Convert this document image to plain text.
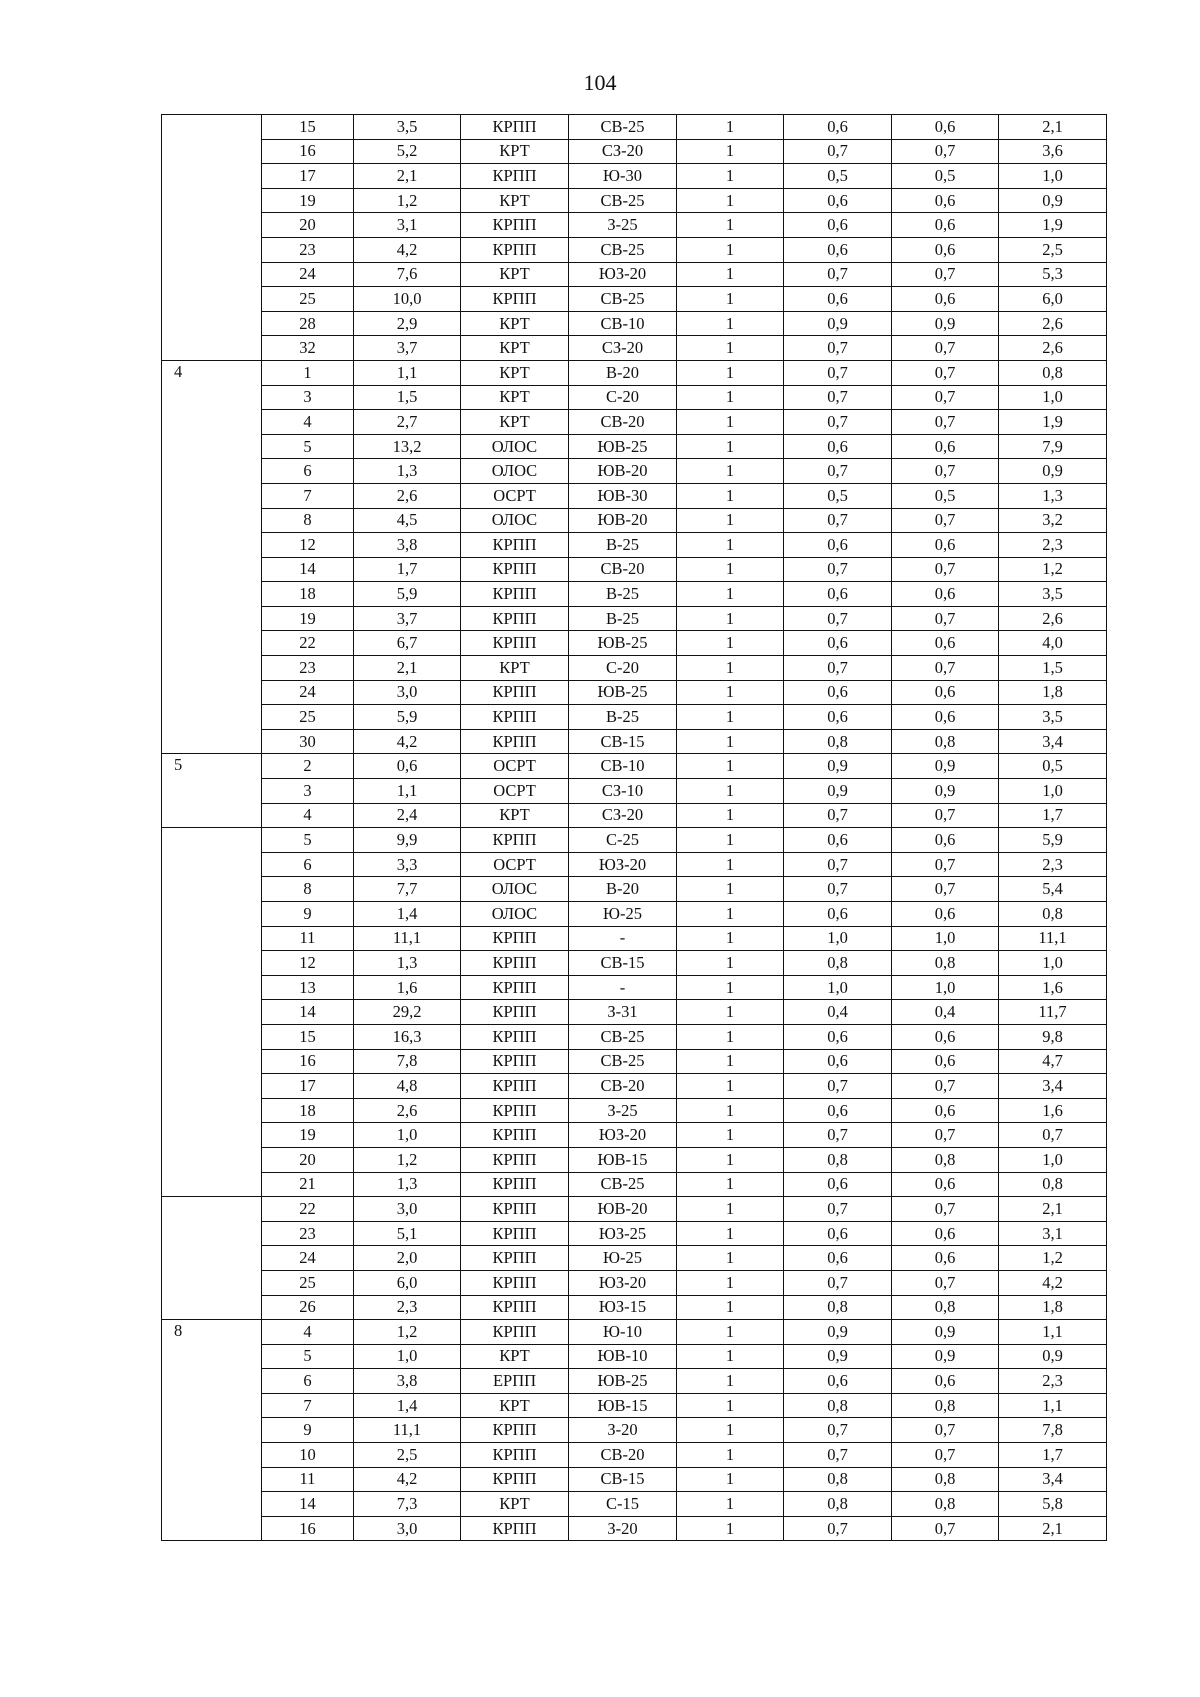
104
	15	3,5	КРПП	СВ-25	1	0,6	0,6	2,1
	16	5,2	КРТ	СЗ-20	1	0,7	0,7	3,6
	17	2,1	КРПП	Ю-30	1	0,5	0,5	1,0
	19	1,2	КРТ	СВ-25	1	0,6	0,6	0,9
	20	3,1	КРПП	З-25	1	0,6	0,6	1,9
	23	4,2	КРПП	СВ-25	1	0,6	0,6	2,5
	24	7,6	КРТ	ЮЗ-20	1	0,7	0,7	5,3
	25	10,0	КРПП	СВ-25	1	0,6	0,6	6,0
	28	2,9	КРТ	СВ-10	1	0,9	0,9	2,6
	32	3,7	КРТ	СЗ-20	1	0,7	0,7	2,6
4	1	1,1	КРТ	В-20	1	0,7	0,7	0,8
	3	1,5	КРТ	С-20	1	0,7	0,7	1,0
	4	2,7	КРТ	СВ-20	1	0,7	0,7	1,9
	5	13,2	ОЛОС	ЮВ-25	1	0,6	0,6	7,9
	6	1,3	ОЛОС	ЮВ-20	1	0,7	0,7	0,9
	7	2,6	ОСРТ	ЮВ-30	1	0,5	0,5	1,3
	8	4,5	ОЛОС	ЮВ-20	1	0,7	0,7	3,2
	12	3,8	КРПП	В-25	1	0,6	0,6	2,3
	14	1,7	КРПП	СВ-20	1	0,7	0,7	1,2
	18	5,9	КРПП	В-25	1	0,6	0,6	3,5
	19	3,7	КРПП	В-25	1	0,7	0,7	2,6
	22	6,7	КРПП	ЮВ-25	1	0,6	0,6	4,0
	23	2,1	КРТ	С-20	1	0,7	0,7	1,5
	24	3,0	КРПП	ЮВ-25	1	0,6	0,6	1,8
	25	5,9	КРПП	В-25	1	0,6	0,6	3,5
	30	4,2	КРПП	СВ-15	1	0,8	0,8	3,4
5	2	0,6	ОСРТ	СВ-10	1	0,9	0,9	0,5
	3	1,1	ОСРТ	СЗ-10	1	0,9	0,9	1,0
	4	2,4	КРТ	СЗ-20	1	0,7	0,7	1,7
	5	9,9	КРПП	С-25	1	0,6	0,6	5,9
	6	3,3	ОСРТ	ЮЗ-20	1	0,7	0,7	2,3
	8	7,7	ОЛОС	В-20	1	0,7	0,7	5,4
	9	1,4	ОЛОС	Ю-25	1	0,6	0,6	0,8
	11	11,1	КРПП	-	1	1,0	1,0	11,1
	12	1,3	КРПП	СВ-15	1	0,8	0,8	1,0
	13	1,6	КРПП	-	1	1,0	1,0	1,6
	14	29,2	КРПП	З-31	1	0,4	0,4	11,7
	15	16,3	КРПП	СВ-25	1	0,6	0,6	9,8
	16	7,8	КРПП	СВ-25	1	0,6	0,6	4,7
	17	4,8	КРПП	СВ-20	1	0,7	0,7	3,4
	18	2,6	КРПП	З-25	1	0,6	0,6	1,6
	19	1,0	КРПП	ЮЗ-20	1	0,7	0,7	0,7
	20	1,2	КРПП	ЮВ-15	1	0,8	0,8	1,0
	21	1,3	КРПП	СВ-25	1	0,6	0,6	0,8
	22	3,0	КРПП	ЮВ-20	1	0,7	0,7	2,1
	23	5,1	КРПП	ЮЗ-25	1	0,6	0,6	3,1
	24	2,0	КРПП	Ю-25	1	0,6	0,6	1,2
	25	6,0	КРПП	ЮЗ-20	1	0,7	0,7	4,2
	26	2,3	КРПП	ЮЗ-15	1	0,8	0,8	1,8
8	4	1,2	КРПП	Ю-10	1	0,9	0,9	1,1
	5	1,0	КРТ	ЮВ-10	1	0,9	0,9	0,9
	6	3,8	ЕРПП	ЮВ-25	1	0,6	0,6	2,3
	7	1,4	КРТ	ЮВ-15	1	0,8	0,8	1,1
	9	11,1	КРПП	З-20	1	0,7	0,7	7,8
	10	2,5	КРПП	СВ-20	1	0,7	0,7	1,7
	11	4,2	КРПП	СВ-15	1	0,8	0,8	3,4
	14	7,3	КРТ	С-15	1	0,8	0,8	5,8
	16	3,0	КРПП	З-20	1	0,7	0,7	2,1
